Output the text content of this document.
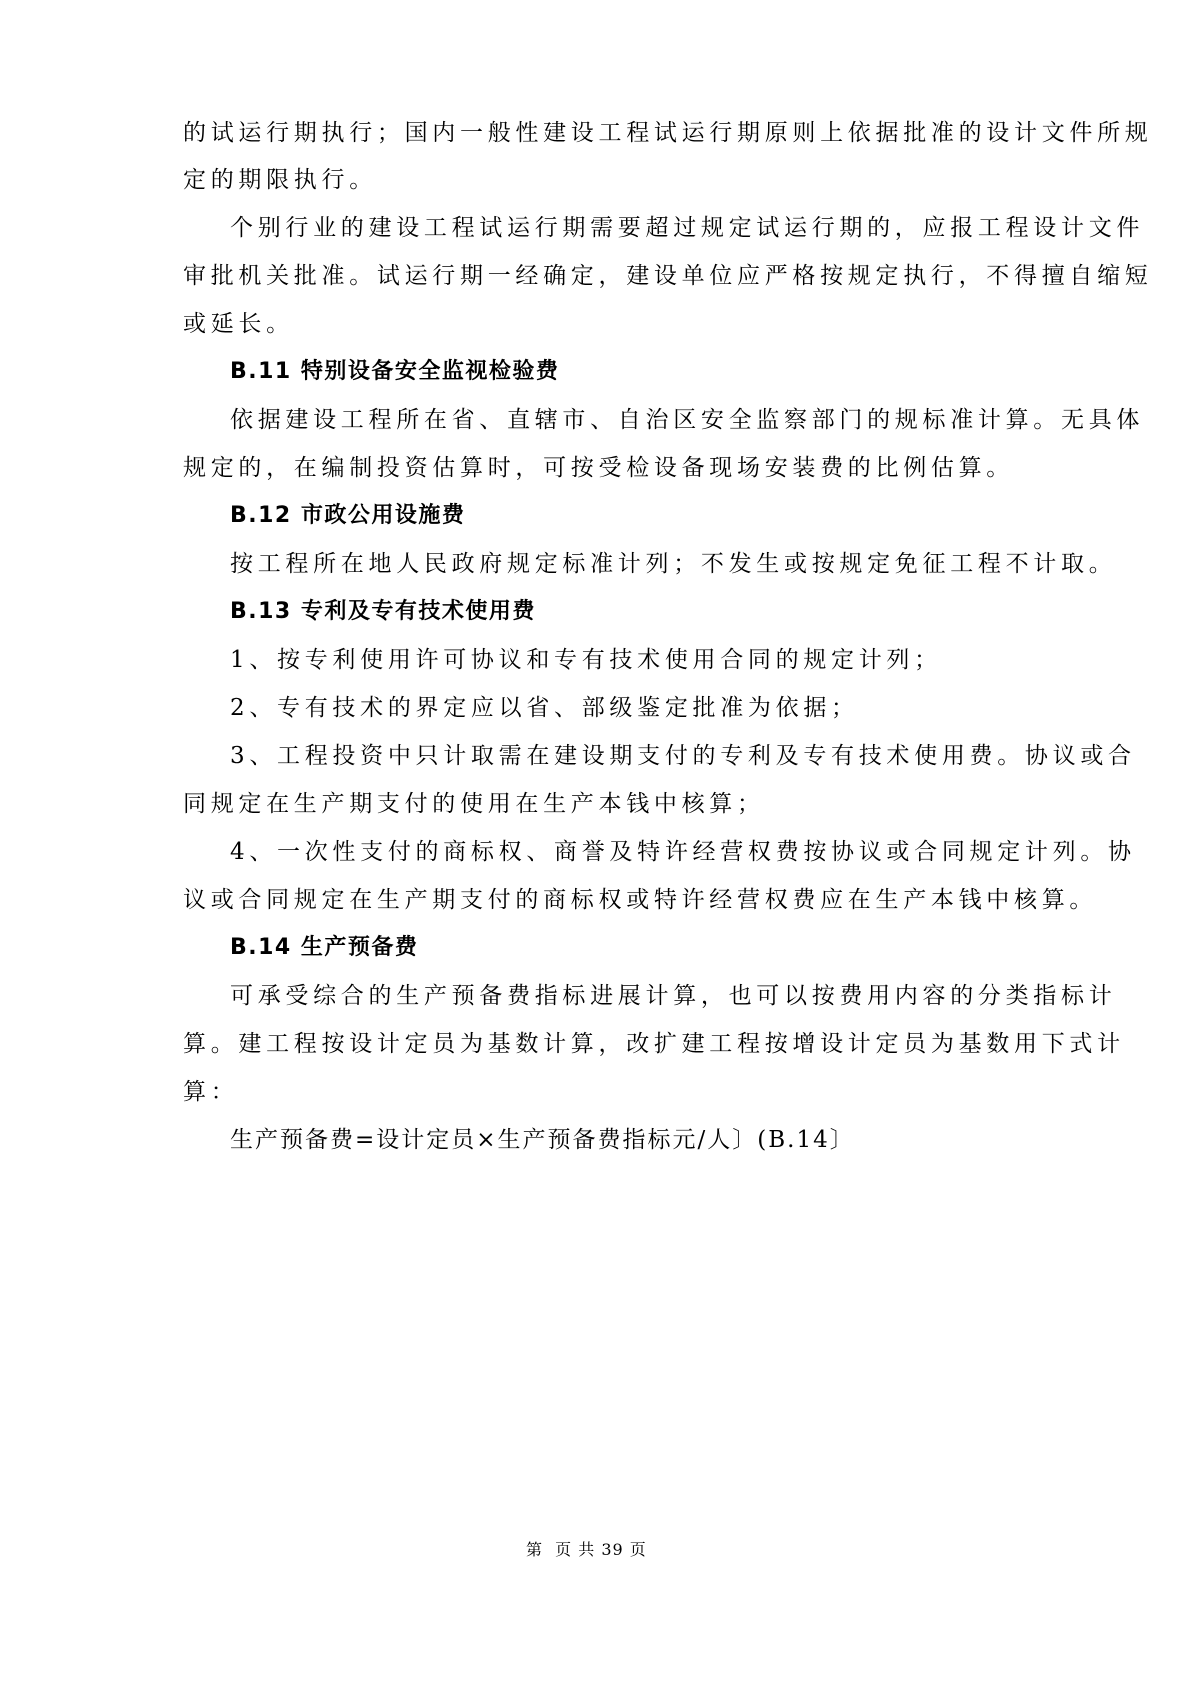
的试运行期执行；国内一般性建设工程试运行期原则上依据批准的设计文件所规
定的期限执行。
个别行业的建设工程试运行期需要超过规定试运行期的，应报工程设计文件
审批机关批准。试运行期一经确定，建设单位应严格按规定执行，不得擅自缩短
或延长。
B.11 特别设备安全监视检验费
依据建设工程所在省、直辖市、自治区安全监察部门的规标准计算。无具体
规定的，在编制投资估算时，可按受检设备现场安装费的比例估算。
B.12 市政公用设施费
按工程所在地人民政府规定标准计列；不发生或按规定免征工程不计取。
B.13 专利及专有技术使用费
1、按专利使用许可协议和专有技术使用合同的规定计列；
2、专有技术的界定应以省、部级鉴定批准为依据；
3、工程投资中只计取需在建设期支付的专利及专有技术使用费。协议或合
同规定在生产期支付的使用在生产本钱中核算；
4、一次性支付的商标权、商誉及特许经营权费按协议或合同规定计列。协
议或合同规定在生产期支付的商标权或特许经营权费应在生产本钱中核算。
B.14 生产预备费
可承受综合的生产预备费指标进展计算，也可以按费用内容的分类指标计
算。建工程按设计定员为基数计算，改扩建工程按增设计定员为基数用下式计
算：
生产预备费=设计定员×生产预备费指标元/人〕(B.14〕
第  页 共 39 页
